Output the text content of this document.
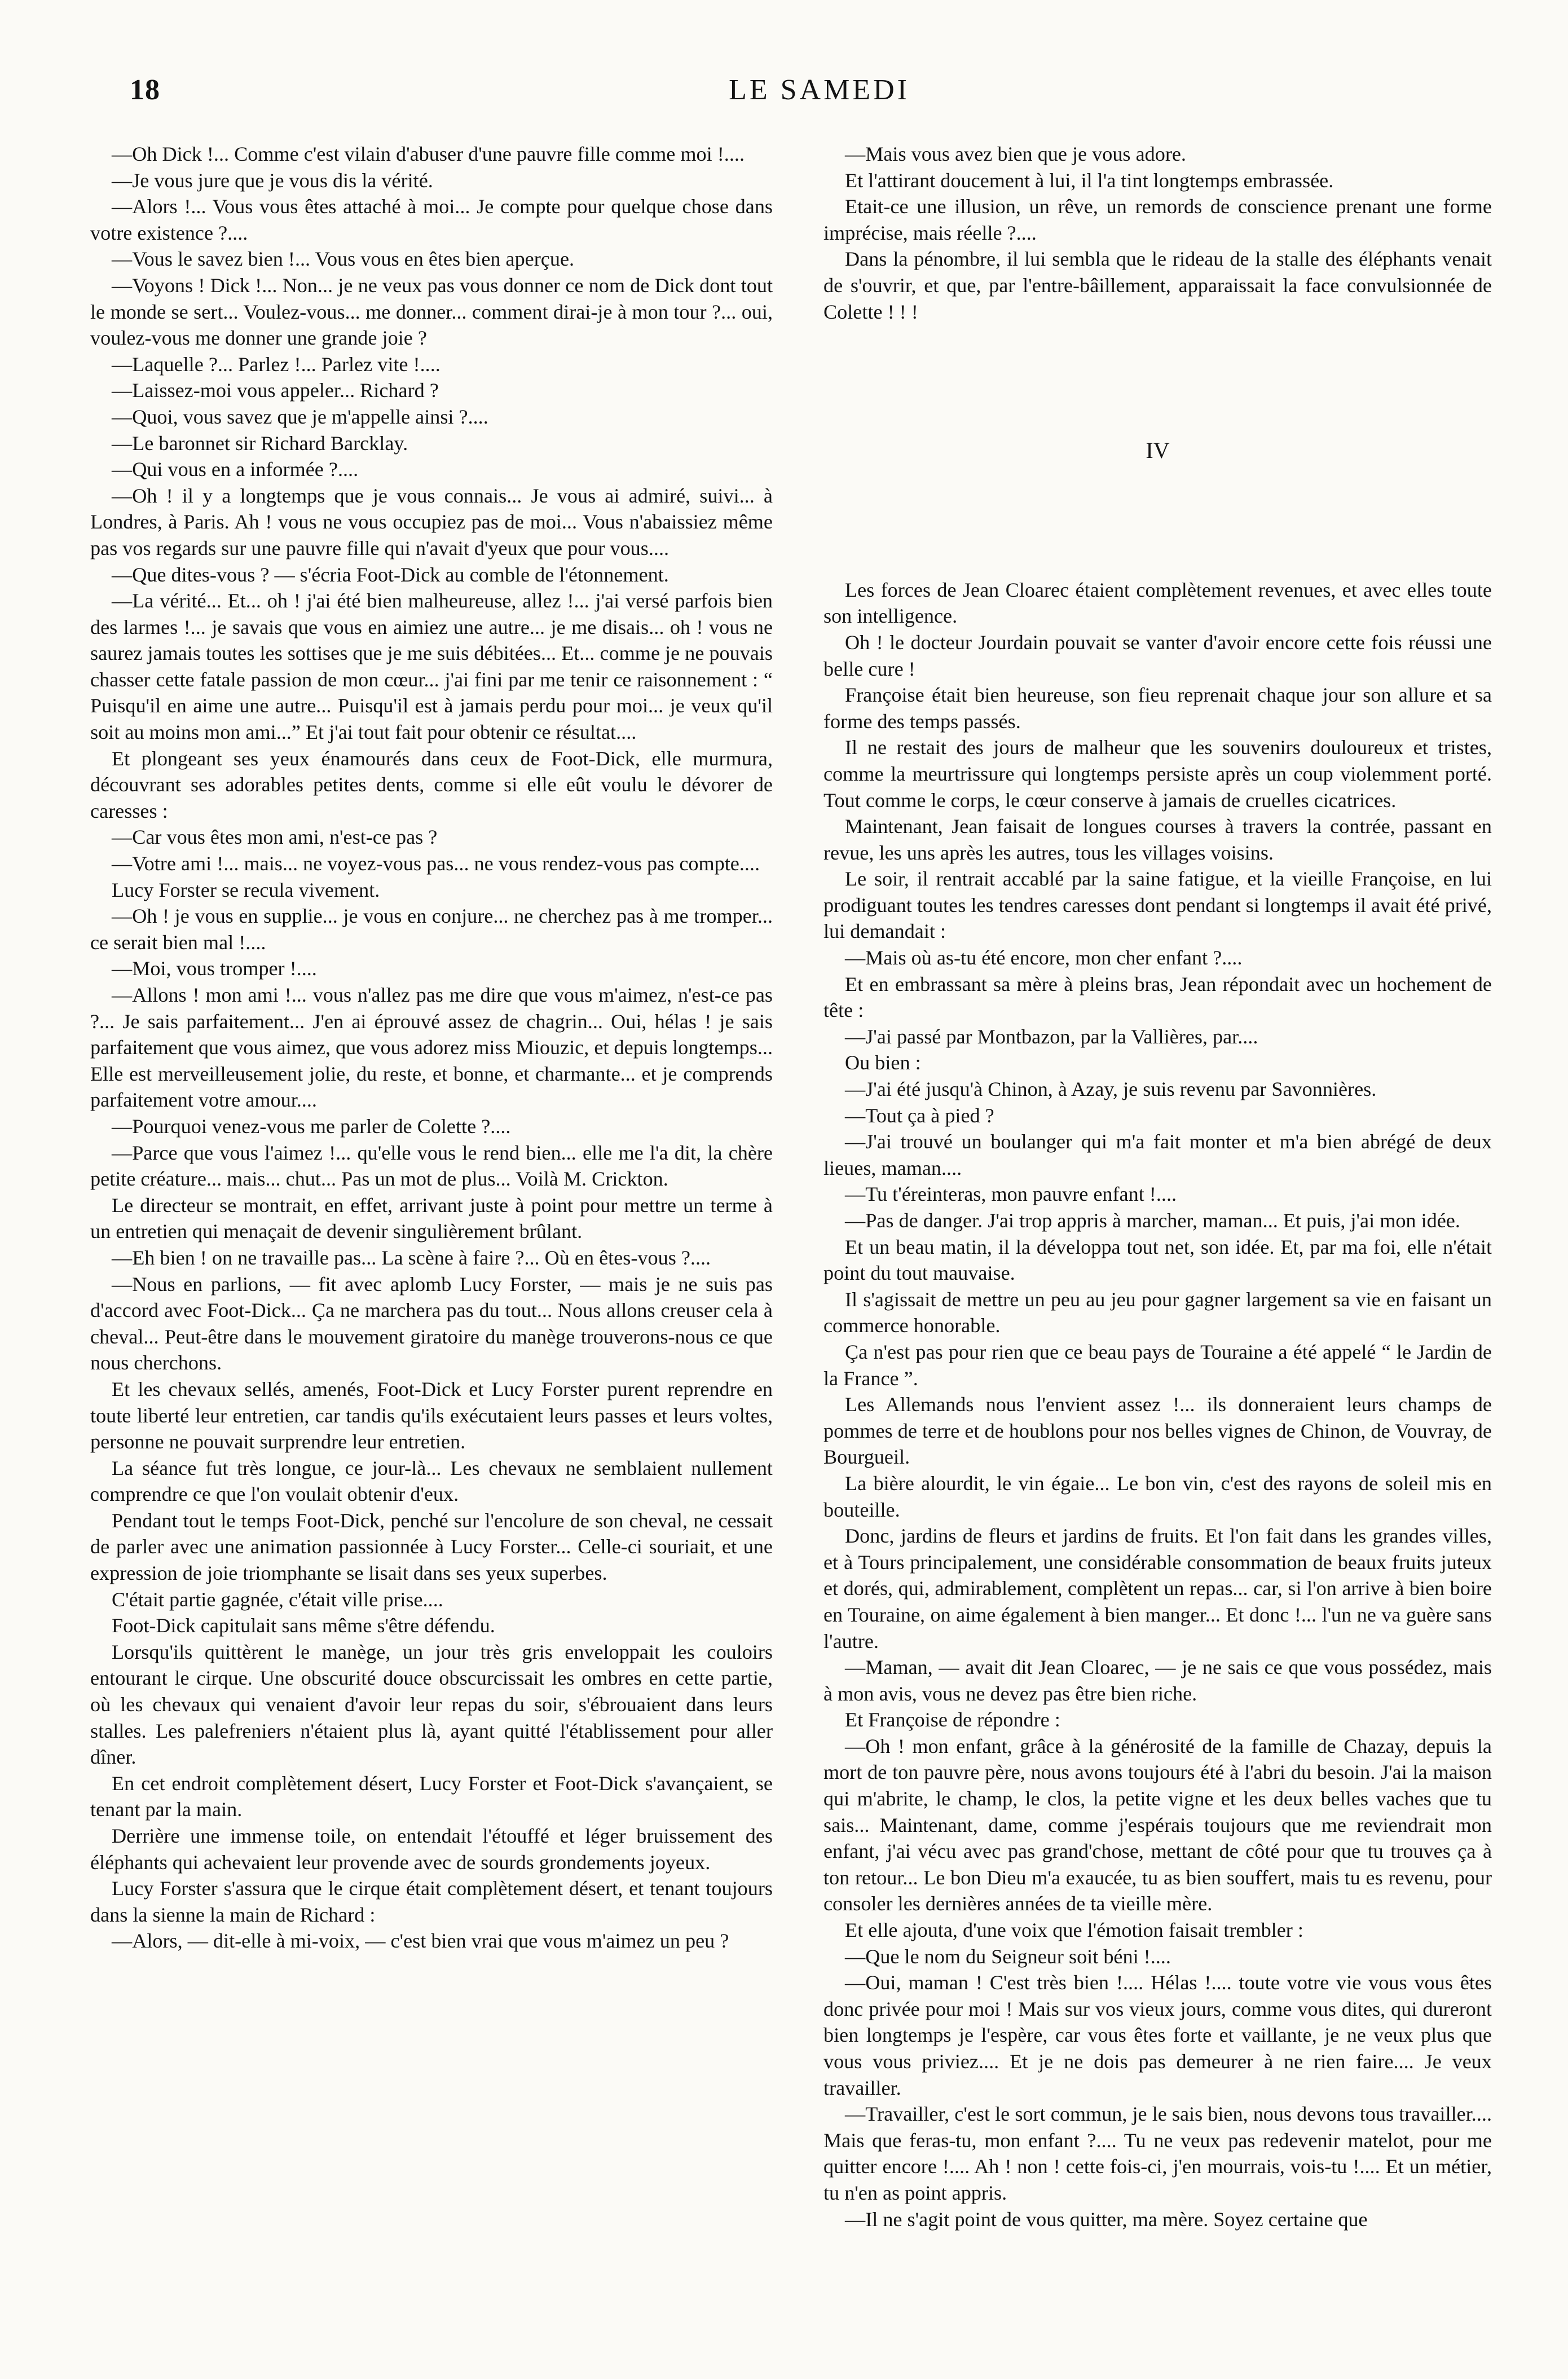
18	LE SAMEDI

—Oh Dick !... Comme c'est vilain d'abuser d'une pauvre fille comme moi !....

—Je vous jure que je vous dis la vérité.

—Alors !... Vous vous êtes attaché à moi... Je compte pour quelque chose dans votre existence ?....

—Vous le savez bien !... Vous vous en êtes bien aperçue.

—Voyons ! Dick !... Non... je ne veux pas vous donner ce nom de Dick dont tout le monde se sert... Voulez-vous... me donner... comment dirai-je à mon tour ?... oui, voulez-vous me donner une grande joie ?

—Laquelle ?... Parlez !... Parlez vite !....

—Laissez-moi vous appeler... Richard ?

—Quoi, vous savez que je m'appelle ainsi ?....

—Le baronnet sir Richard Barcklay.

—Qui vous en a informée ?....

—Oh ! il y a longtemps que je vous connais... Je vous ai admiré, suivi... à Londres, à Paris. Ah ! vous ne vous occupiez pas de moi... Vous n'abaissiez même pas vos regards sur une pauvre fille qui n'avait d'yeux que pour vous....

—Que dites-vous ? — s'écria Foot-Dick au comble de l'étonnement.

—La vérité... Et... oh ! j'ai été bien malheureuse, allez !... j'ai versé parfois bien des larmes !... je savais que vous en aimiez une autre... je me disais... oh ! vous ne saurez jamais toutes les sottises que je me suis débitées... Et... comme je ne pouvais chasser cette fatale passion de mon cœur... j'ai fini par me tenir ce raisonnement : “ Puisqu'il en aime une autre... Puisqu'il est à jamais perdu pour moi... je veux qu'il soit au moins mon ami...” Et j'ai tout fait pour obtenir ce résultat....

Et plongeant ses yeux énamourés dans ceux de Foot-Dick, elle murmura, découvrant ses adorables petites dents, comme si elle eût voulu le dévorer de caresses :

—Car vous êtes mon ami, n'est-ce pas ?

—Votre ami !... mais... ne voyez-vous pas... ne vous rendez-vous pas compte....

Lucy Forster se recula vivement.

—Oh ! je vous en supplie... je vous en conjure... ne cherchez pas à me tromper... ce serait bien mal !....

—Moi, vous tromper !....

—Allons ! mon ami !... vous n'allez pas me dire que vous m'aimez, n'est-ce pas ?... Je sais parfaitement... J'en ai éprouvé assez de chagrin... Oui, hélas ! je sais parfaitement que vous aimez, que vous adorez miss Miouzic, et depuis longtemps... Elle est merveilleusement jolie, du reste, et bonne, et charmante... et je comprends parfaitement votre amour....

—Pourquoi venez-vous me parler de Colette ?....

—Parce que vous l'aimez !... qu'elle vous le rend bien... elle me l'a dit, la chère petite créature... mais... chut... Pas un mot de plus... Voilà M. Crickton.

Le directeur se montrait, en effet, arrivant juste à point pour mettre un terme à un entretien qui menaçait de devenir singulièrement brûlant.

—Eh bien ! on ne travaille pas... La scène à faire ?... Où en êtes-vous ?....

—Nous en parlions, — fit avec aplomb Lucy Forster, — mais je ne suis pas d'accord avec Foot-Dick... Ça ne marchera pas du tout... Nous allons creuser cela à cheval... Peut-être dans le mouvement giratoire du manège trouverons-nous ce que nous cherchons.

Et les chevaux sellés, amenés, Foot-Dick et Lucy Forster purent reprendre en toute liberté leur entretien, car tandis qu'ils exécutaient leurs passes et leurs voltes, personne ne pouvait surprendre leur entretien.

La séance fut très longue, ce jour-là... Les chevaux ne semblaient nullement comprendre ce que l'on voulait obtenir d'eux.

Pendant tout le temps Foot-Dick, penché sur l'encolure de son cheval, ne cessait de parler avec une animation passionnée à Lucy Forster... Celle-ci souriait, et une expression de joie triomphante se lisait dans ses yeux superbes.

C'était partie gagnée, c'était ville prise....

Foot-Dick capitulait sans même s'être défendu.

Lorsqu'ils quittèrent le manège, un jour très gris enveloppait les couloirs entourant le cirque. Une obscurité douce obscurcissait les ombres en cette partie, où les chevaux qui venaient d'avoir leur repas du soir, s'ébrouaient dans leurs stalles. Les palefreniers n'étaient plus là, ayant quitté l'établissement pour aller dîner.

En cet endroit complètement désert, Lucy Forster et Foot-Dick s'avançaient, se tenant par la main.

Derrière une immense toile, on entendait l'étouffé et léger bruissement des éléphants qui achevaient leur provende avec de sourds grondements joyeux.

Lucy Forster s'assura que le cirque était complètement désert, et tenant toujours dans la sienne la main de Richard :

—Alors, — dit-elle à mi-voix, — c'est bien vrai que vous m'aimez un peu ?

—Mais vous avez bien que je vous adore.

Et l'attirant doucement à lui, il l'a tint longtemps embrassée.

Etait-ce une illusion, un rêve, un remords de conscience prenant une forme imprécise, mais réelle ?....

Dans la pénombre, il lui sembla que le rideau de la stalle des éléphants venait de s'ouvrir, et que, par l'entre-bâillement, apparaissait la face convulsionnée de Colette ! ! !

IV

Les forces de Jean Cloarec étaient complètement revenues, et avec elles toute son intelligence.

Oh ! le docteur Jourdain pouvait se vanter d'avoir encore cette fois réussi une belle cure !

Françoise était bien heureuse, son fieu reprenait chaque jour son allure et sa forme des temps passés.

Il ne restait des jours de malheur que les souvenirs douloureux et tristes, comme la meurtrissure qui longtemps persiste après un coup violemment porté. Tout comme le corps, le cœur conserve à jamais de cruelles cicatrices.

Maintenant, Jean faisait de longues courses à travers la contrée, passant en revue, les uns après les autres, tous les villages voisins.

Le soir, il rentrait accablé par la saine fatigue, et la vieille Françoise, en lui prodiguant toutes les tendres caresses dont pendant si longtemps il avait été privé, lui demandait :

—Mais où as-tu été encore, mon cher enfant ?....

Et en embrassant sa mère à pleins bras, Jean répondait avec un hochement de tête :

—J'ai passé par Montbazon, par la Vallières, par....

Ou bien :

—J'ai été jusqu'à Chinon, à Azay, je suis revenu par Savonnières.

—Tout ça à pied ?

—J'ai trouvé un boulanger qui m'a fait monter et m'a bien abrégé de deux lieues, maman....

—Tu t'éreinteras, mon pauvre enfant !....

—Pas de danger. J'ai trop appris à marcher, maman... Et puis, j'ai mon idée.

Et un beau matin, il la développa tout net, son idée. Et, par ma foi, elle n'était point du tout mauvaise.

Il s'agissait de mettre un peu au jeu pour gagner largement sa vie en faisant un commerce honorable.

Ça n'est pas pour rien que ce beau pays de Touraine a été appelé “ le Jardin de la France ”.

Les Allemands nous l'envient assez !... ils donneraient leurs champs de pommes de terre et de houblons pour nos belles vignes de Chinon, de Vouvray, de Bourgueil.

La bière alourdit, le vin égaie... Le bon vin, c'est des rayons de soleil mis en bouteille.

Donc, jardins de fleurs et jardins de fruits. Et l'on fait dans les grandes villes, et à Tours principalement, une considérable consommation de beaux fruits juteux et dorés, qui, admirablement, complètent un repas... car, si l'on arrive à bien boire en Touraine, on aime également à bien manger... Et donc !... l'un ne va guère sans l'autre.

—Maman, — avait dit Jean Cloarec, — je ne sais ce que vous possédez, mais à mon avis, vous ne devez pas être bien riche.

Et Françoise de répondre :

—Oh ! mon enfant, grâce à la générosité de la famille de Chazay, depuis la mort de ton pauvre père, nous avons toujours été à l'abri du besoin. J'ai la maison qui m'abrite, le champ, le clos, la petite vigne et les deux belles vaches que tu sais... Maintenant, dame, comme j'espérais toujours que me reviendrait mon enfant, j'ai vécu avec pas grand'chose, mettant de côté pour que tu trouves ça à ton retour... Le bon Dieu m'a exaucée, tu as bien souffert, mais tu es revenu, pour consoler les dernières années de ta vieille mère.

Et elle ajouta, d'une voix que l'émotion faisait trembler :

—Que le nom du Seigneur soit béni !....

—Oui, maman ! C'est très bien !.... Hélas !.... toute votre vie vous vous êtes donc privée pour moi ! Mais sur vos vieux jours, comme vous dites, qui dureront bien longtemps je l'espère, car vous êtes forte et vaillante, je ne veux plus que vous vous priviez.... Et je ne dois pas demeurer à ne rien faire.... Je veux travailler.

—Travailler, c'est le sort commun, je le sais bien, nous devons tous travailler.... Mais que feras-tu, mon enfant ?.... Tu ne veux pas redevenir matelot, pour me quitter encore !.... Ah ! non ! cette fois-ci, j'en mourrais, vois-tu !.... Et un métier, tu n'en as point appris.

—Il ne s'agit point de vous quitter, ma mère. Soyez certaine que
